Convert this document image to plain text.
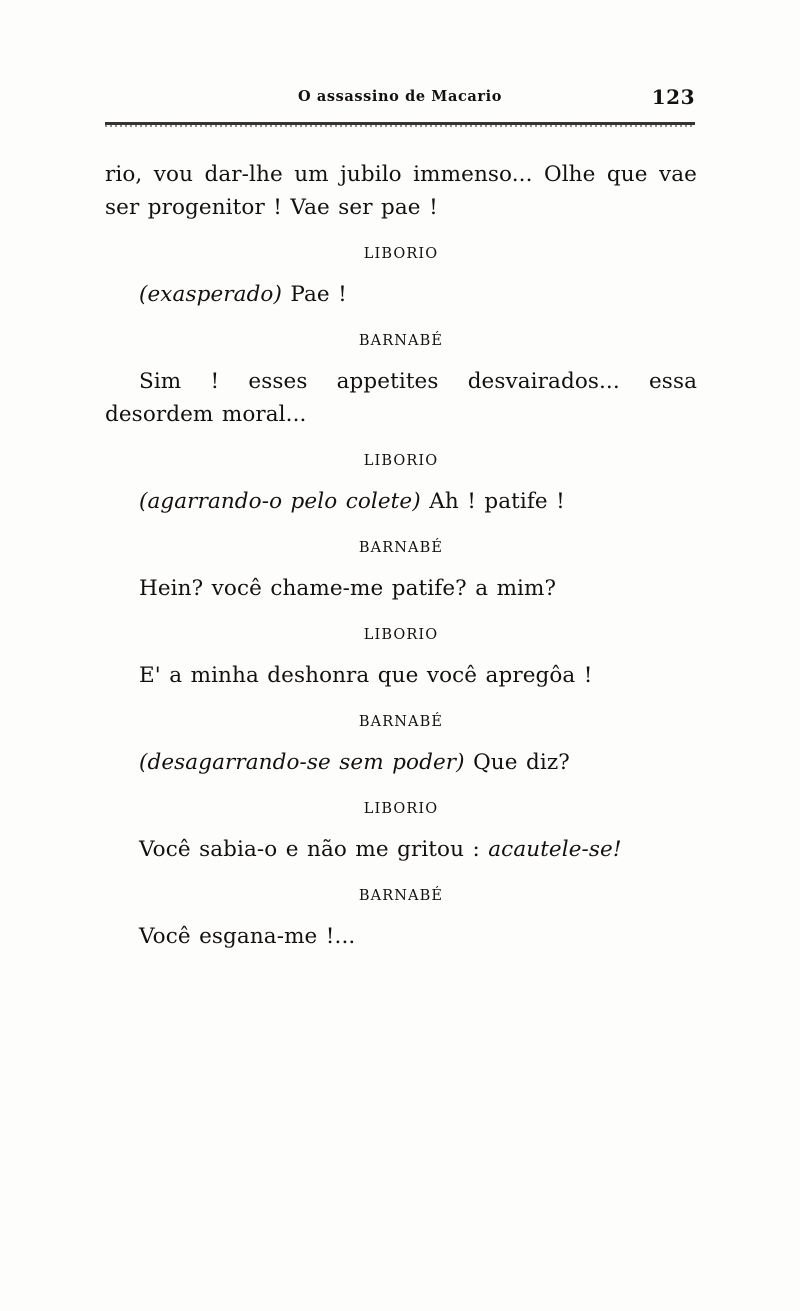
O assassino de Macario	123

rio, vou dar-lhe um jubilo immenso... Olhe que vae ser progenitor ! Vae ser pae !

LIBORIO

(exasperado) Pae !

BARNABÉ

Sim ! esses appetites desvairados... essa desordem moral...

LIBORIO

(agarrando-o pelo colete) Ah ! patife !

BARNABÉ

Hein? você chame-me patife? a mim?

LIBORIO

E' a minha deshonra que você apregôa !

BARNABÉ

(desagarrando-se sem poder) Que diz?

LIBORIO

Você sabia-o e não me gritou : acautele-se!

BARNABÉ

Você esgana-me !...
